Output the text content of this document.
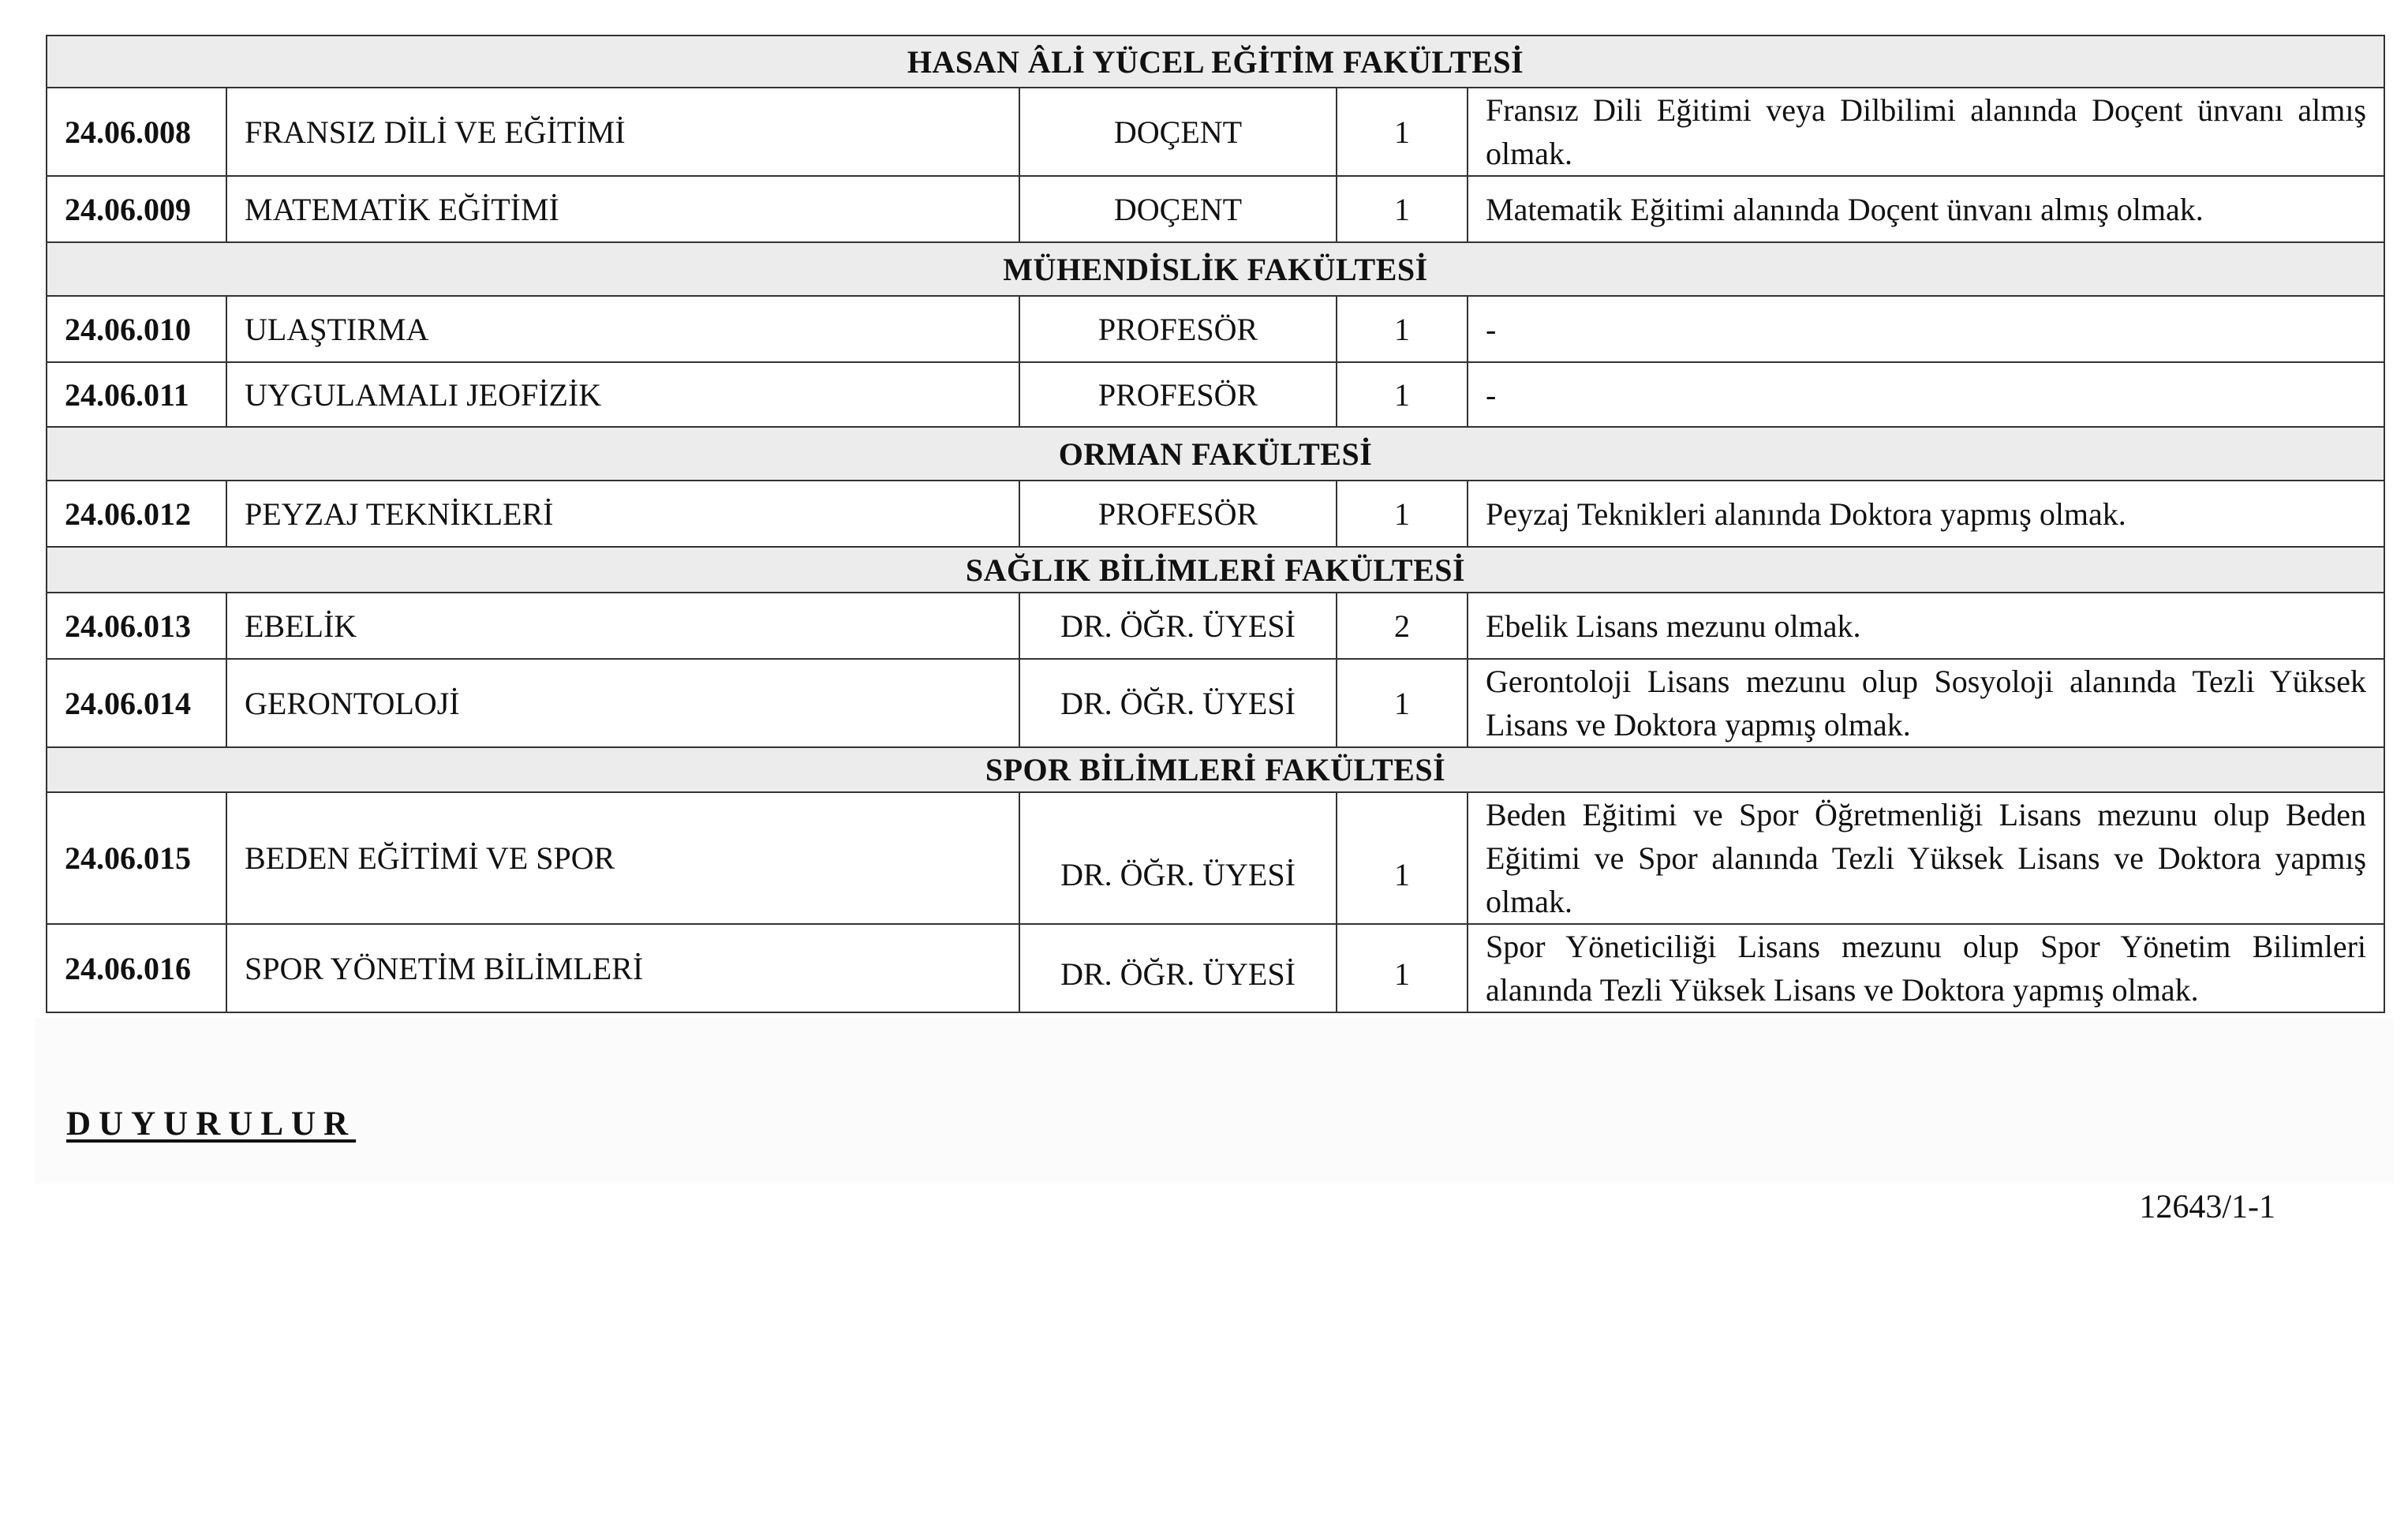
HASAN ÂLİ YÜCEL EĞİTİM FAKÜLTESİ				
24.06.008	FRANSIZ DİLİ VE EĞİTİMİ	DOÇENT	1	Fransız Dili Eğitimi veya Dilbilimi alanında Doçent ünvanı almış olmak.
24.06.009	MATEMATİK EĞİTİMİ	DOÇENT	1	Matematik Eğitimi alanında Doçent ünvanı almış olmak.
MÜHENDİSLİK FAKÜLTESİ				
24.06.010	ULAŞTIRMA	PROFESÖR	1	-
24.06.011	UYGULAMALI JEOFİZİK	PROFESÖR	1	-
ORMAN FAKÜLTESİ				
24.06.012	PEYZAJ TEKNİKLERİ	PROFESÖR	1	Peyzaj Teknikleri alanında Doktora yapmış olmak.
SAĞLIK BİLİMLERİ FAKÜLTESİ				
24.06.013	EBELİK	DR. ÖĞR. ÜYESİ	2	Ebelik Lisans mezunu olmak.
24.06.014	GERONTOLOJİ	DR. ÖĞR. ÜYESİ	1	Gerontoloji Lisans mezunu olup Sosyoloji alanında Tezli Yüksek Lisans ve Doktora yapmış olmak.
SPOR BİLİMLERİ FAKÜLTESİ				
24.06.015	BEDEN EĞİTİMİ VE SPOR	DR. ÖĞR. ÜYESİ	1	Beden Eğitimi ve Spor Öğretmenliği Lisans mezunu olup Beden Eğitimi ve Spor alanında Tezli Yüksek Lisans ve Doktora yapmış olmak.
24.06.016	SPOR YÖNETİM BİLİMLERİ	DR. ÖĞR. ÜYESİ	1	Spor Yöneticiliği Lisans mezunu olup Spor Yönetim Bilimleri alanında Tezli Yüksek Lisans ve Doktora yapmış olmak.
DUYURULUR
12643/1-1
